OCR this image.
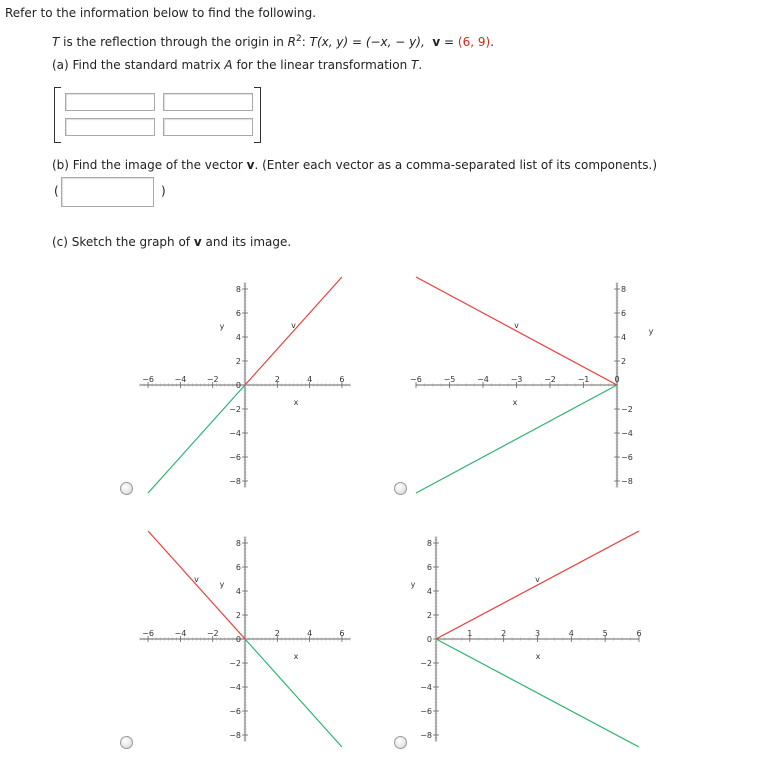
Refer to the information below to find the following.
T is the reflection through the origin in $R^2$: T(x, y) = (−x, − y), v = (6, 9).
(a) Find the standard matrix A for the linear transformation T.
(b) Find the image of the vector v. (Enter each vector as a comma-separated list of its components.)
(	)
(c) Sketch the graph of v and its image.
−6	−4	−2	2	4	6
8
6
4
2
0
−2
−4
−6
−8
x
y	v
−6	−5	−4	−3	−2	−1	0
8
6
4
2
−2
−4
−6
−8
x
y
v
−6	−4	−2	2	4	6
8
6
4
2
0
−2
−4
−6
−8
x
y
v
1	2	3	4	5	6
8
6
4
2
0
−2
−4
−6
−8
x
y
v
